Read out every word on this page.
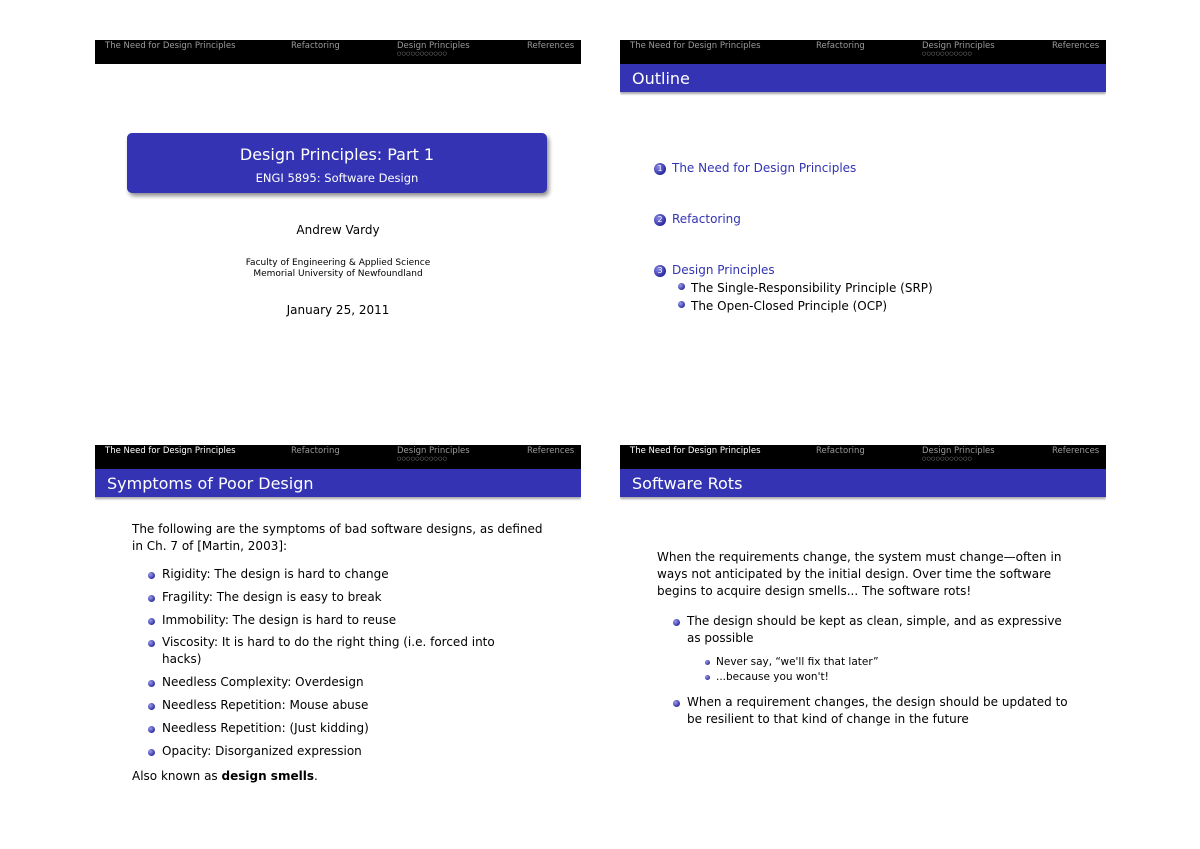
The Need for Design Principles	Refactoring	Design Principles
○○○○○○○○○○○
References
Design Principles: Part 1
ENGI 5895: Software Design
Andrew Vardy
Faculty of Engineering & Applied Science
Memorial University of Newfoundland
January 25, 2011
The Need for Design Principles	Refactoring	Design Principles
○○○○○○○○○○○
References
Outline
1 The Need for Design Principles
2 Refactoring
3 Design Principles
The Single-Responsibility Principle (SRP)
The Open-Closed Principle (OCP)
The Need for Design Principles	Refactoring	Design Principles
○○○○○○○○○○○
References
Symptoms of Poor Design
The following are the symptoms of bad software designs, as defined
in Ch. 7 of [Martin, 2003]:
Rigidity: The design is hard to change
Fragility: The design is easy to break
Immobility: The design is hard to reuse
Viscosity: It is hard to do the right thing (i.e. forced into
hacks)
Needless Complexity: Overdesign
Needless Repetition: Mouse abuse
Needless Repetition: (Just kidding)
Opacity: Disorganized expression
Also known as design smells.
The Need for Design Principles	Refactoring	Design Principles
○○○○○○○○○○○
References
Software Rots
When the requirements change, the system must change—often in
ways not anticipated by the initial design. Over time the software
begins to acquire design smells... The software rots!
The design should be kept as clean, simple, and as expressive
as possible
Never say, “we'll fix that later”
...because you won't!
When a requirement changes, the design should be updated to
be resilient to that kind of change in the future
